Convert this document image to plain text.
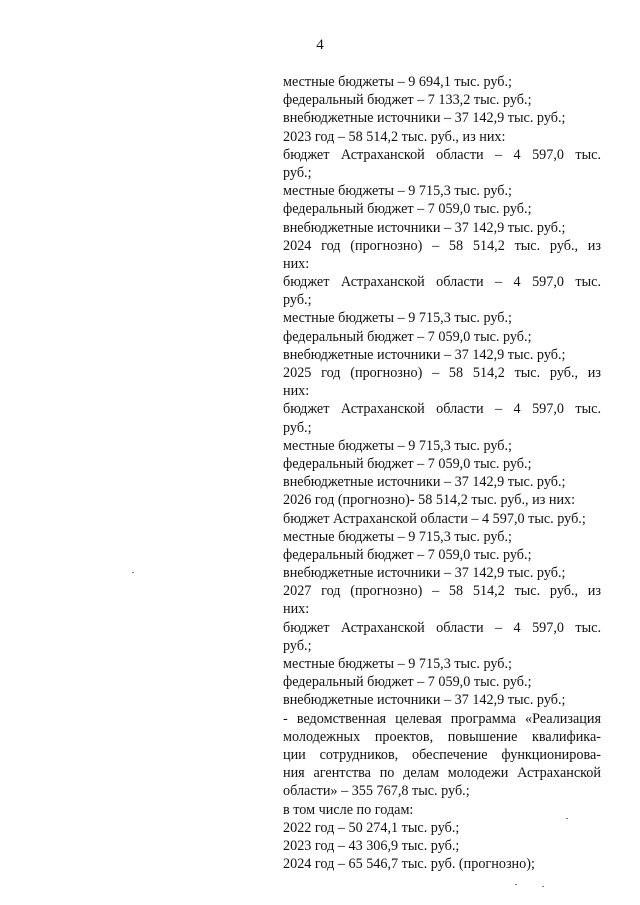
4
местные бюджеты – 9 694,1 тыс. руб.;
федеральный бюджет – 7 133,2 тыс. руб.;
внебюджетные источники – 37 142,9 тыс. руб.;
2023 год – 58 514,2 тыс. руб., из них:
бюджет Астраханской области – 4 597,0 тыс.
руб.;
местные бюджеты – 9 715,3 тыс. руб.;
федеральный бюджет – 7 059,0 тыс. руб.;
внебюджетные источники – 37 142,9 тыс. руб.;
2024 год (прогнозно) – 58 514,2 тыс. руб., из
них:
бюджет Астраханской области – 4 597,0 тыс.
руб.;
местные бюджеты – 9 715,3 тыс. руб.;
федеральный бюджет – 7 059,0 тыс. руб.;
внебюджетные источники – 37 142,9 тыс. руб.;
2025 год (прогнозно) – 58 514,2 тыс. руб., из
них:
бюджет Астраханской области – 4 597,0 тыс.
руб.;
местные бюджеты – 9 715,3 тыс. руб.;
федеральный бюджет – 7 059,0 тыс. руб.;
внебюджетные источники – 37 142,9 тыс. руб.;
2026 год (прогнозно)- 58 514,2 тыс. руб., из них:
бюджет Астраханской области – 4 597,0 тыс. руб.;
местные бюджеты – 9 715,3 тыс. руб.;
федеральный бюджет – 7 059,0 тыс. руб.;
внебюджетные источники – 37 142,9 тыс. руб.;
2027 год (прогнозно) – 58 514,2 тыс. руб., из
них:
бюджет Астраханской области – 4 597,0 тыс.
руб.;
местные бюджеты – 9 715,3 тыс. руб.;
федеральный бюджет – 7 059,0 тыс. руб.;
внебюджетные источники – 37 142,9 тыс. руб.;
- ведомственная целевая программа «Реализация
молодежных проектов, повышение квалифика-
ции сотрудников, обеспечение функционирова-
ния агентства по делам молодежи Астраханской
области» – 355 767,8 тыс. руб.;
в том числе по годам:
2022 год – 50 274,1 тыс. руб.;
2023 год – 43 306,9 тыс. руб.;
2024 год – 65 546,7 тыс. руб. (прогнозно);
